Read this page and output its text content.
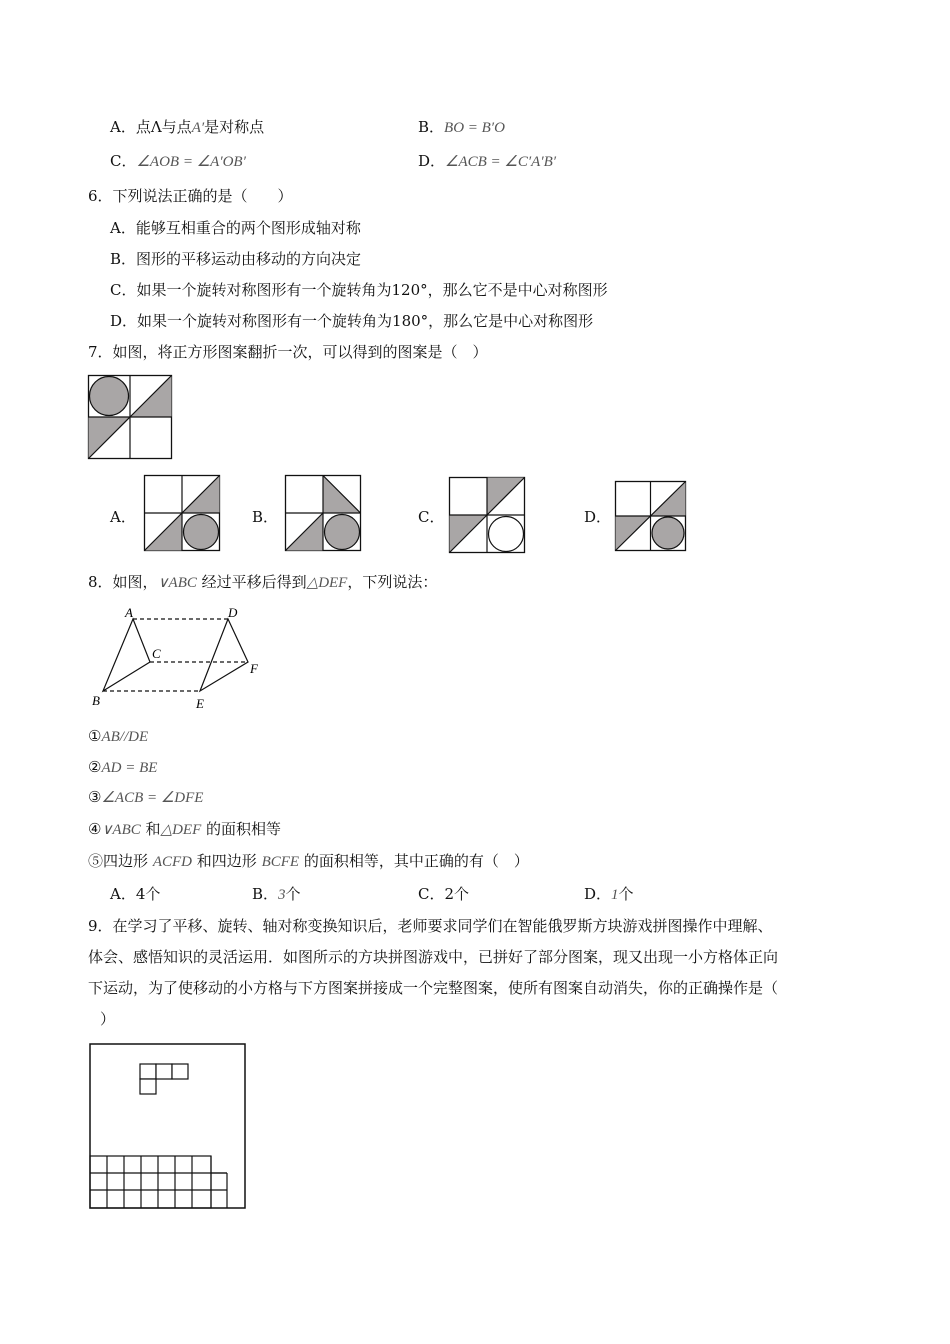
A．点Λ与点A′是对称点	B．BO = B′O
C．∠AOB = ∠A′OB′	D．∠ACB = ∠C′A′B′
6．下列说法正确的是（　　）
A．能够互相重合的两个图形成轴对称
B．图形的平移运动由移动的方向决定
C．如果一个旋转对称图形有一个旋转角为120°，那么它不是中心对称图形
D．如果一个旋转对称图形有一个旋转角为180°，那么它是中心对称图形
7．如图，将正方形图案翻折一次，可以得到的图案是（　）
A．	B．	C．	D．
8．如图，∨ABC 经过平移后得到△DEF，下列说法：
A
B
C
D
E
F
①AB//DE
②AD = BE
③∠ACB = ∠DFE
④∨ABC 和△DEF 的面积相等
⑤四边形 ACFD 和四边形 BCFE 的面积相等，其中正确的有（　）
A．4个	B．3个	C．2个	D．1个
9．在学习了平移、旋转、轴对称变换知识后，老师要求同学们在智能俄罗斯方块游戏拼图操作中理解、
体会、感悟知识的灵活运用．如图所示的方块拼图游戏中，已拼好了部分图案，现又出现一小方格体正向
下运动，为了使移动的小方格与下方图案拼接成一个完整图案，使所有图案自动消失，你的正确操作是（
）
